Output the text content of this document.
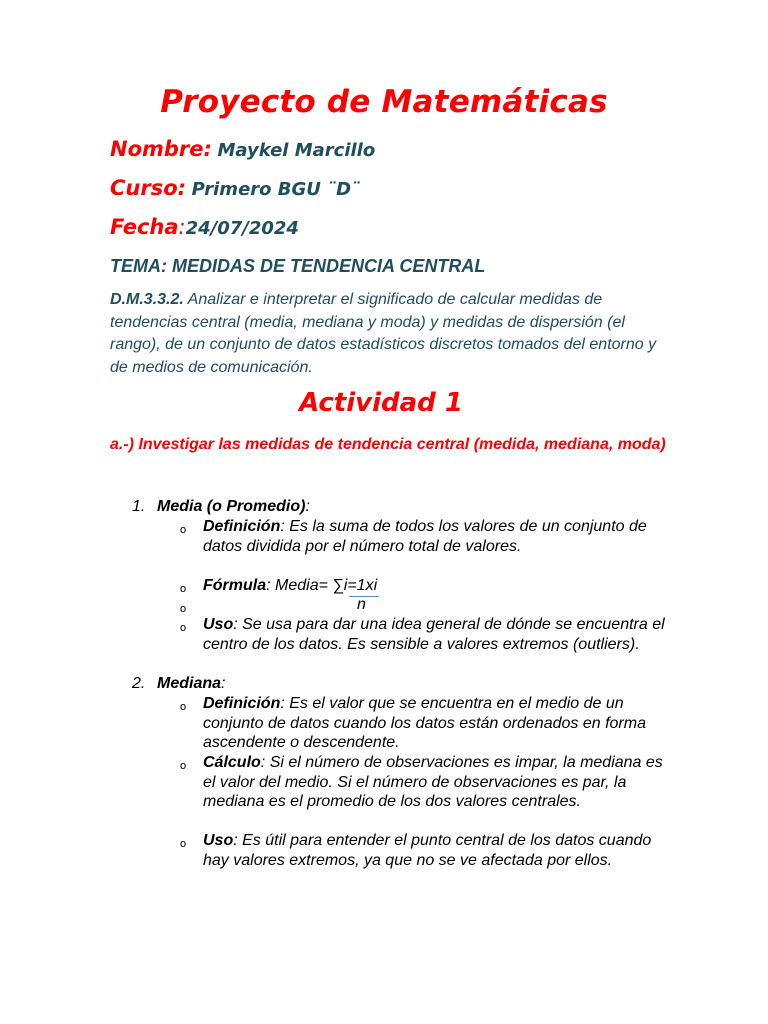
Proyecto de Matemáticas
Nombre: Maykel Marcillo
Curso: Primero BGU ¨D¨
Fecha:24/07/2024
TEMA: MEDIDAS DE TENDENCIA CENTRAL
D.M.3.3.2. Analizar e interpretar el significado de calcular medidas de tendencias central (media, mediana y moda) y medidas de dispersión (el rango), de un conjunto de datos estadísticos discretos tomados del entorno y de medios de comunicación.
Actividad 1
a.-) Investigar las medidas de tendencia central (medida, mediana, moda)
1. Media (o Promedio):
o Definición: Es la suma de todos los valores de un conjunto de datos dividida por el número total de valores.
o Fórmula: Media= ∑i=1xi
o	n
o Uso: Se usa para dar una idea general de dónde se encuentra el centro de los datos. Es sensible a valores extremos (outliers).
2. Mediana:
o Definición: Es el valor que se encuentra en el medio de un conjunto de datos cuando los datos están ordenados en forma ascendente o descendente.
o Cálculo: Si el número de observaciones es impar, la mediana es el valor del medio. Si el número de observaciones es par, la mediana es el promedio de los dos valores centrales.
o Uso: Es útil para entender el punto central de los datos cuando hay valores extremos, ya que no se ve afectada por ellos.
